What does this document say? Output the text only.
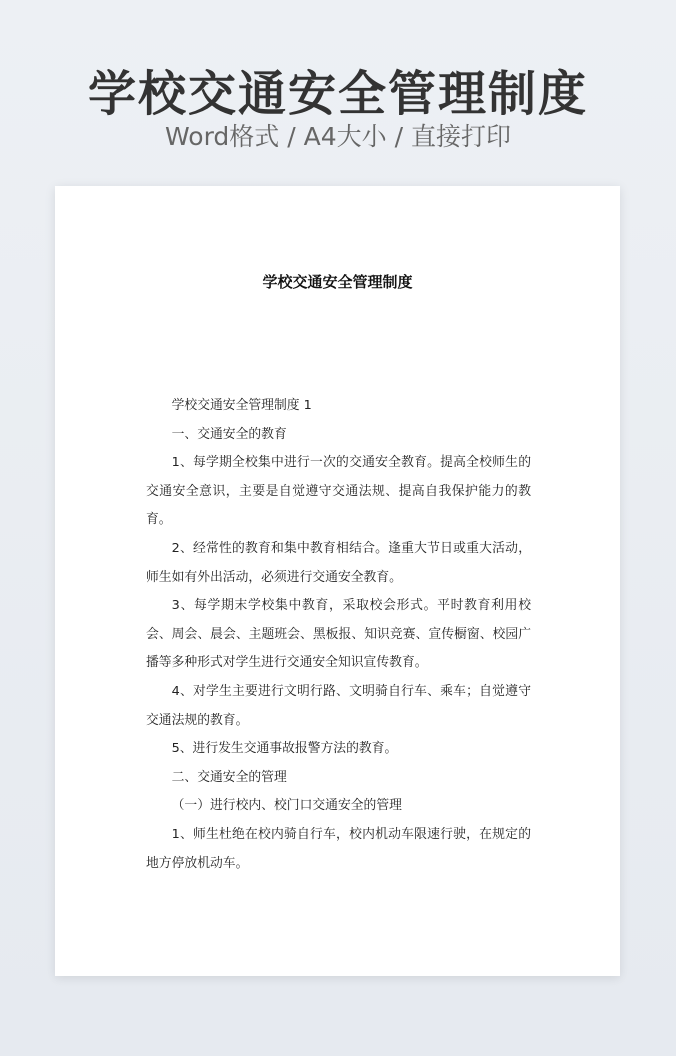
学校交通安全管理制度
Word格式 / A4大小 / 直接打印
学校交通安全管理制度

学校交通安全管理制度 1

一、交通安全的教育

1、每学期全校集中进行一次的交通安全教育。提高全校师生的交通安全意识，主要是自觉遵守交通法规、提高自我保护能力的教育。

2、经常性的教育和集中教育相结合。逢重大节日或重大活动，师生如有外出活动，必须进行交通安全教育。

3、每学期末学校集中教育，采取校会形式。平时教育利用校会、周会、晨会、主题班会、黑板报、知识竞赛、宣传橱窗、校园广播等多种形式对学生进行交通安全知识宣传教育。

4、对学生主要进行文明行路、文明骑自行车、乘车；自觉遵守交通法规的教育。

5、进行发生交通事故报警方法的教育。

二、交通安全的管理

（一）进行校内、校门口交通安全的管理

1、师生杜绝在校内骑自行车，校内机动车限速行驶，在规定的地方停放机动车。
